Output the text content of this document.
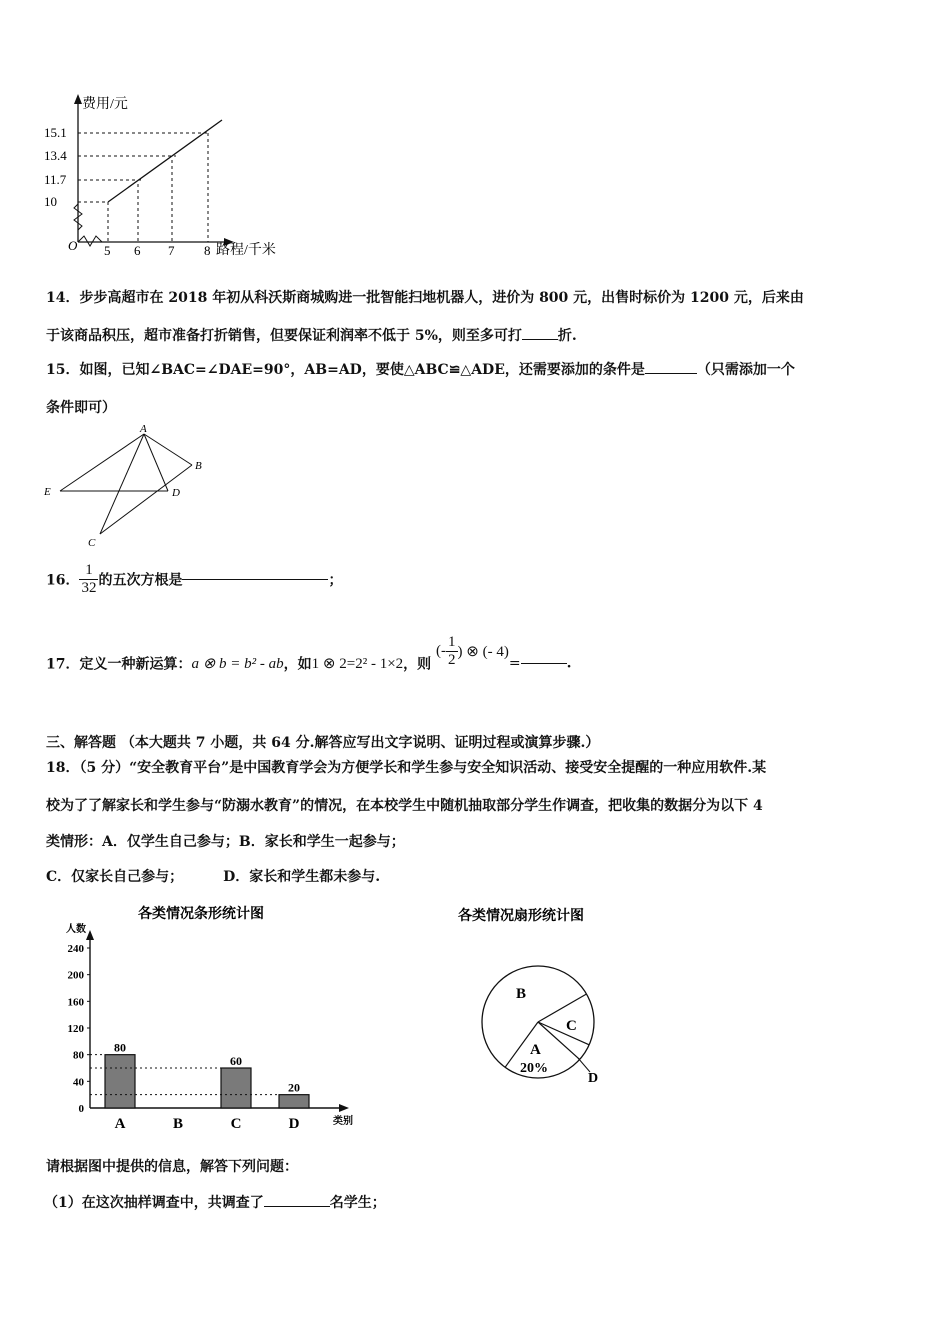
费用/元
路程/千米
O
15.1
13.4
11.7
10
5 6 7 8
14．步步高超市在 2018 年初从科沃斯商城购进一批智能扫地机器人，进价为 800 元，出售时标价为 1200 元，后来由
于该商品积压，超市准备打折销售，但要保证利润率不低于 5%，则至多可打	折.
15．如图，已知∠BAC=∠DAE=90°，AB=AD，要使△ABC≌△ADE，还需要添加的条件是	（只需添加一个
条件即可）
A
B
D
E
C
16． $\frac{1}{32}$ 的五次方根是	；
17．定义一种新运算：a ⊗ b = b² - ab，如1 ⊗ 2=2² - 1×2，则 (- $\frac{1}{2}$ ) ⊗ (- 4)=	.
三、解答题 （本大题共 7 小题，共 64 分.解答应写出文字说明、证明过程或演算步骤.）
18．（5 分）“安全教育平台”是中国教育学会为方便学长和学生参与安全知识活动、接受安全提醒的一种应用软件.某
校为了了解家长和学生参与“防溺水教育”的情况，在本校学生中随机抽取部分学生作调查，把收集的数据分为以下 4
类情形：A．仅学生自己参与；B．家长和学生一起参与；
C．仅家长自己参与；	D．家长和学生都未参与.
各类情况条形统计图
人数
类别
0
40
80
120
160
200
240
80
A	B
60
C
20
D
各类情况扇形统计图
B
C
A
20%
D
请根据图中提供的信息，解答下列问题：
（1）在这次抽样调查中，共调查了	名学生；
